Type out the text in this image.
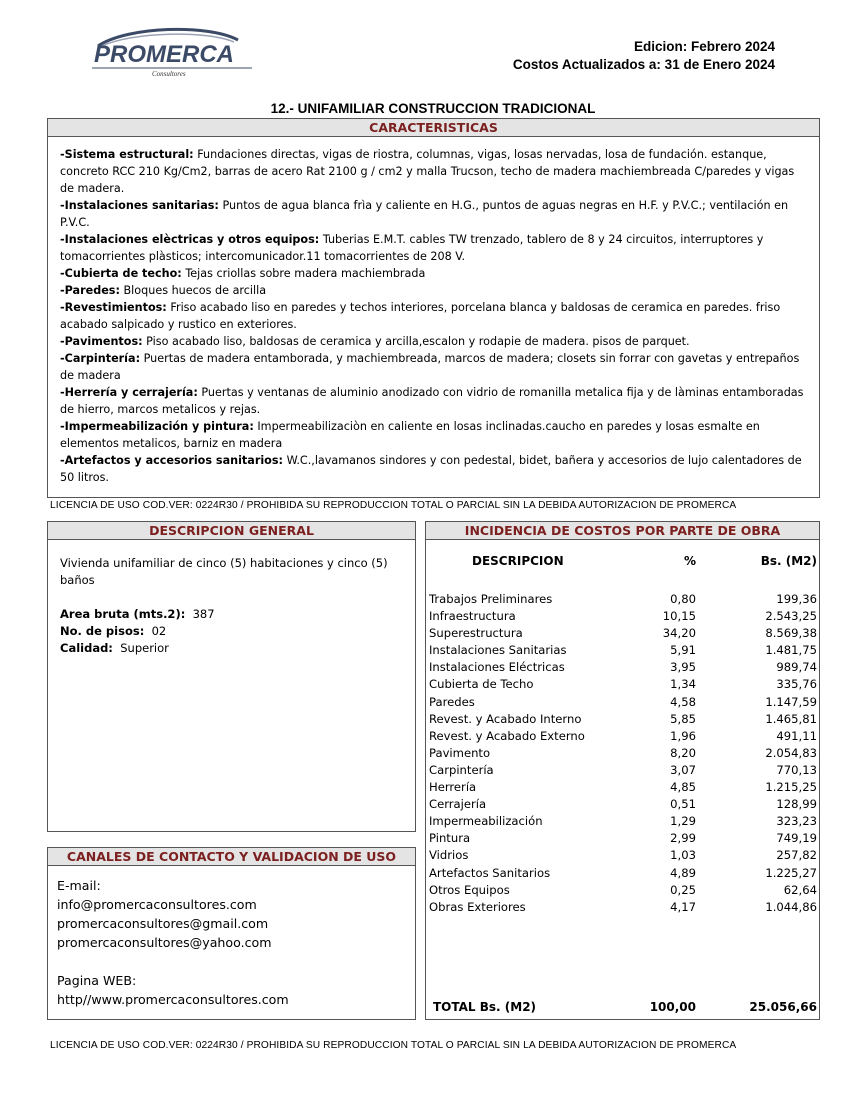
PROMERCA
Consultores
Edicion: Febrero 2024
Costos Actualizados a: 31 de Enero 2024
12.- UNIFAMILIAR CONSTRUCCION TRADICIONAL
CARACTERISTICAS

-Sistema estructural: Fundaciones directas, vigas de riostra, columnas, vigas, losas nervadas, losa de fundación. estanque, concreto RCC 210 Kg/Cm2, barras de acero Rat 2100 g / cm2 y malla Trucson, techo de madera machiembreada C/paredes y vigas de madera.

-Instalaciones sanitarias: Puntos de agua blanca frìa y caliente en H.G., puntos de aguas negras en H.F. y P.V.C.; ventilación en P.V.C.

-Instalaciones elèctricas y otros equipos: Tuberias E.M.T. cables TW trenzado, tablero de 8 y 24 circuitos, interruptores y tomacorrientes plàsticos; intercomunicador.11 tomacorrientes de 208 V.

-Cubierta de techo: Tejas criollas sobre madera machiembrada

-Paredes: Bloques huecos de arcilla

-Revestimientos: Friso acabado liso en paredes y techos interiores, porcelana blanca y baldosas de ceramica en paredes. friso acabado salpicado y rustico en exteriores.

-Pavimentos: Piso acabado liso, baldosas de ceramica y arcilla,escalon y rodapie de madera. pisos de parquet.

-Carpintería: Puertas de madera entamborada, y machiembreada, marcos de madera; closets sin forrar con gavetas y entrepaños de madera

-Herrería y cerrajería: Puertas y ventanas de aluminio anodizado con vidrio de romanilla metalica fija y de làminas entamboradas de hierro, marcos metalicos y rejas.

-Impermeabilización y pintura: Impermeabilizaciòn en caliente en losas inclinadas.caucho en paredes y losas esmalte en elementos metalicos, barniz en madera

-Artefactos y accesorios sanitarios: W.C.,lavamanos sindores y con pedestal, bidet, bañera y accesorios de lujo calentadores de 50 litros.

LICENCIA DE USO COD.VER: 0224R30 / PROHIBIDA SU REPRODUCCION TOTAL O PARCIAL SIN LA DEBIDA AUTORIZACION DE PROMERCA
DESCRIPCION GENERAL

Vivienda unifamiliar de cinco (5) habitaciones y cinco (5) baños

Area bruta (mts.2): 387

No. de pisos: 02

Calidad: Superior

CANALES DE CONTACTO Y VALIDACION DE USO
E-mail:
info@promercaconsultores.com
promercaconsultores@gmail.com
promercaconsultores@yahoo.com

Pagina WEB:
http//www.promercaconsultores.com
INCIDENCIA DE COSTOS POR PARTE DE OBRA
DESCRIPCION	%	Bs. (M2)
Trabajos Preliminares	0,80	199,36
Infraestructura	10,15	2.543,25
Superestructura	34,20	8.569,38
Instalaciones Sanitarias	5,91	1.481,75
Instalaciones Eléctricas	3,95	989,74
Cubierta de Techo	1,34	335,76
Paredes	4,58	1.147,59
Revest. y Acabado Interno	5,85	1.465,81
Revest. y Acabado Externo	1,96	491,11
Pavimento	8,20	2.054,83
Carpintería	3,07	770,13
Herrería	4,85	1.215,25
Cerrajería	0,51	128,99
Impermeabilización	1,29	323,23
Pintura	2,99	749,19
Vidrios	1,03	257,82
Artefactos Sanitarios	4,89	1.225,27
Otros Equipos	0,25	62,64
Obras Exteriores	4,17	1.044,86
TOTAL Bs. (M2)	100,00	25.056,66
LICENCIA DE USO COD.VER: 0224R30 / PROHIBIDA SU REPRODUCCION TOTAL O PARCIAL SIN LA DEBIDA AUTORIZACION DE PROMERCA
